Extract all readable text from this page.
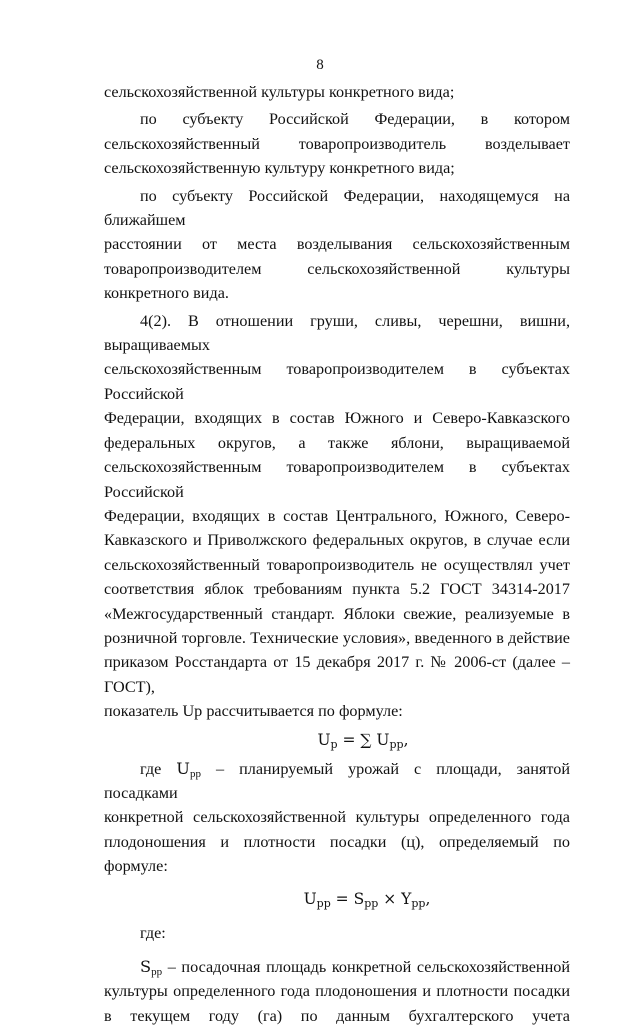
8

сельскохозяйственной культуры конкретного вида;

по субъекту Российской Федерации, в котором

сельскохозяйственный товаропроизводитель возделывает

сельскохозяйственную культуру конкретного вида;

по субъекту Российской Федерации, находящемуся на ближайшем

расстоянии от места возделывания сельскохозяйственным

товаропроизводителем сельскохозяйственной культуры конкретного вида.

4(2). В отношении груши, сливы, черешни, вишни, выращиваемых

сельскохозяйственным товаропроизводителем в субъектах Российской

Федерации, входящих в состав Южного и Северо-Кавказского

федеральных округов, а также яблони, выращиваемой

сельскохозяйственным товаропроизводителем в субъектах Российской

Федерации, входящих в состав Центрального, Южного, Северо-

Кавказского и Приволжского федеральных округов, в случае если

сельскохозяйственный товаропроизводитель не осуществлял учет

соответствия яблок требованиям пункта 5.2 ГОСТ 34314-2017

«Межгосударственный стандарт. Яблоки свежие, реализуемые в

розничной торговле. Технические условия», введенного в действие

приказом Росстандарта от 15 декабря 2017 г. № 2006-ст (далее – ГОСТ),

показатель Up рассчитывается по формуле:

$U_p$ = ∑ $U_{pp}$,

где $U_{pp}$ – планируемый урожай с площади, занятой посадками

конкретной сельскохозяйственной культуры определенного года

плодоношения и плотности посадки (ц), определяемый по формуле:

$U_{pp} = S_{pp} \times Y_{pp}$,

где:

$S_{pp}$ – посадочная площадь конкретной сельскохозяйственной

культуры определенного года плодоношения и плотности посадки

в текущем году (га) по данным бухгалтерского учета
